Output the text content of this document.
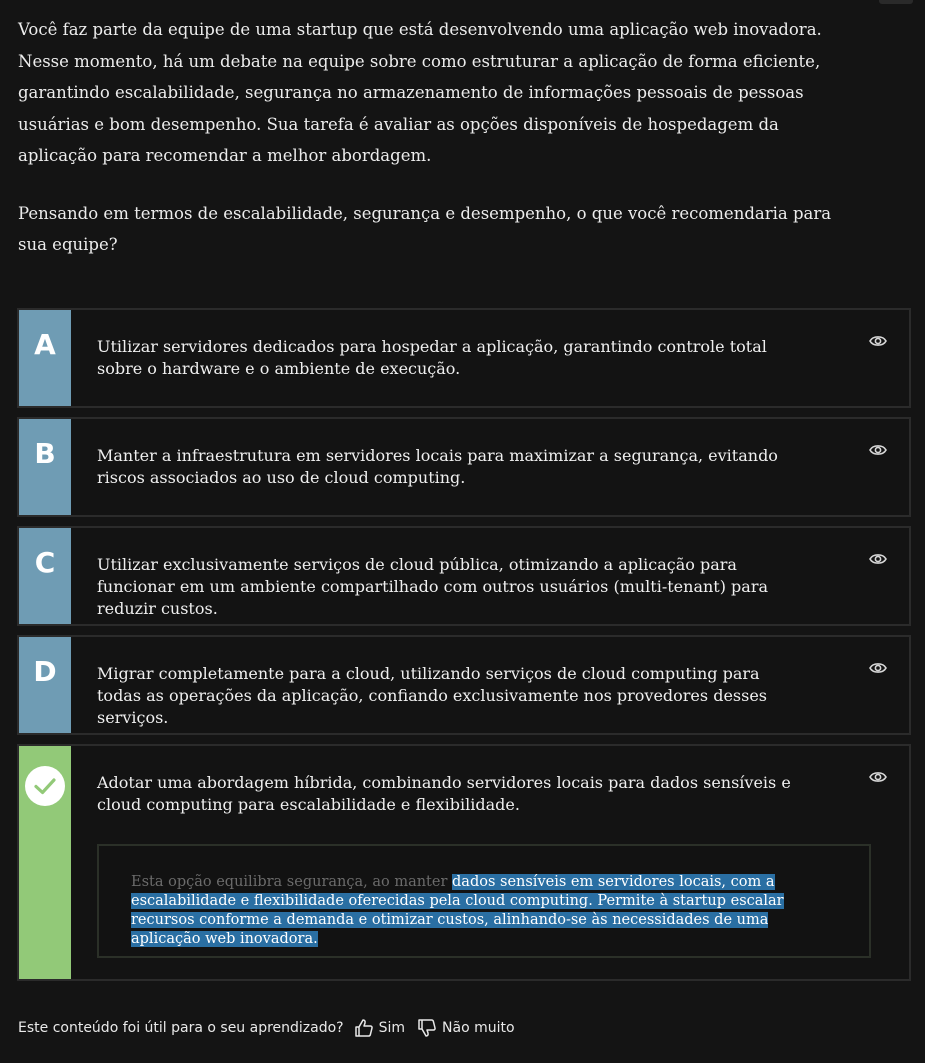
Você faz parte da equipe de uma startup que está desenvolvendo uma aplicação web inovadora. Nesse momento, há um debate na equipe sobre como estruturar a aplicação de forma eficiente, garantindo escalabilidade, segurança no armazenamento de informações pessoais de pessoas usuárias e bom desempenho. Sua tarefa é avaliar as opções disponíveis de hospedagem da aplicação para recomendar a melhor abordagem.

Pensando em termos de escalabilidade, segurança e desempenho, o que você recomendaria para sua equipe?

A	Utilizar servidores dedicados para hospedar a aplicação, garantindo controle total sobre o hardware e o ambiente de execução.
B	Manter a infraestrutura em servidores locais para maximizar a segurança, evitando riscos associados ao uso de cloud computing.
C	Utilizar exclusivamente serviços de cloud pública, otimizando a aplicação para funcionar em um ambiente compartilhado com outros usuários (multi-tenant) para reduzir custos.
D	Migrar completamente para a cloud, utilizando serviços de cloud computing para todas as operações da aplicação, confiando exclusivamente nos provedores desses serviços.
Adotar uma abordagem híbrida, combinando servidores locais para dados sensíveis e cloud computing para escalabilidade e flexibilidade.
Esta opção equilibra segurança, ao manter dados sensíveis em servidores locais, com a escalabilidade e flexibilidade oferecidas pela cloud computing. Permite à startup escalar recursos conforme a demanda e otimizar custos, alinhando-se às necessidades de uma aplicação web inovadora.
Este conteúdo foi útil para o seu aprendizado?	Sim	Não muito
